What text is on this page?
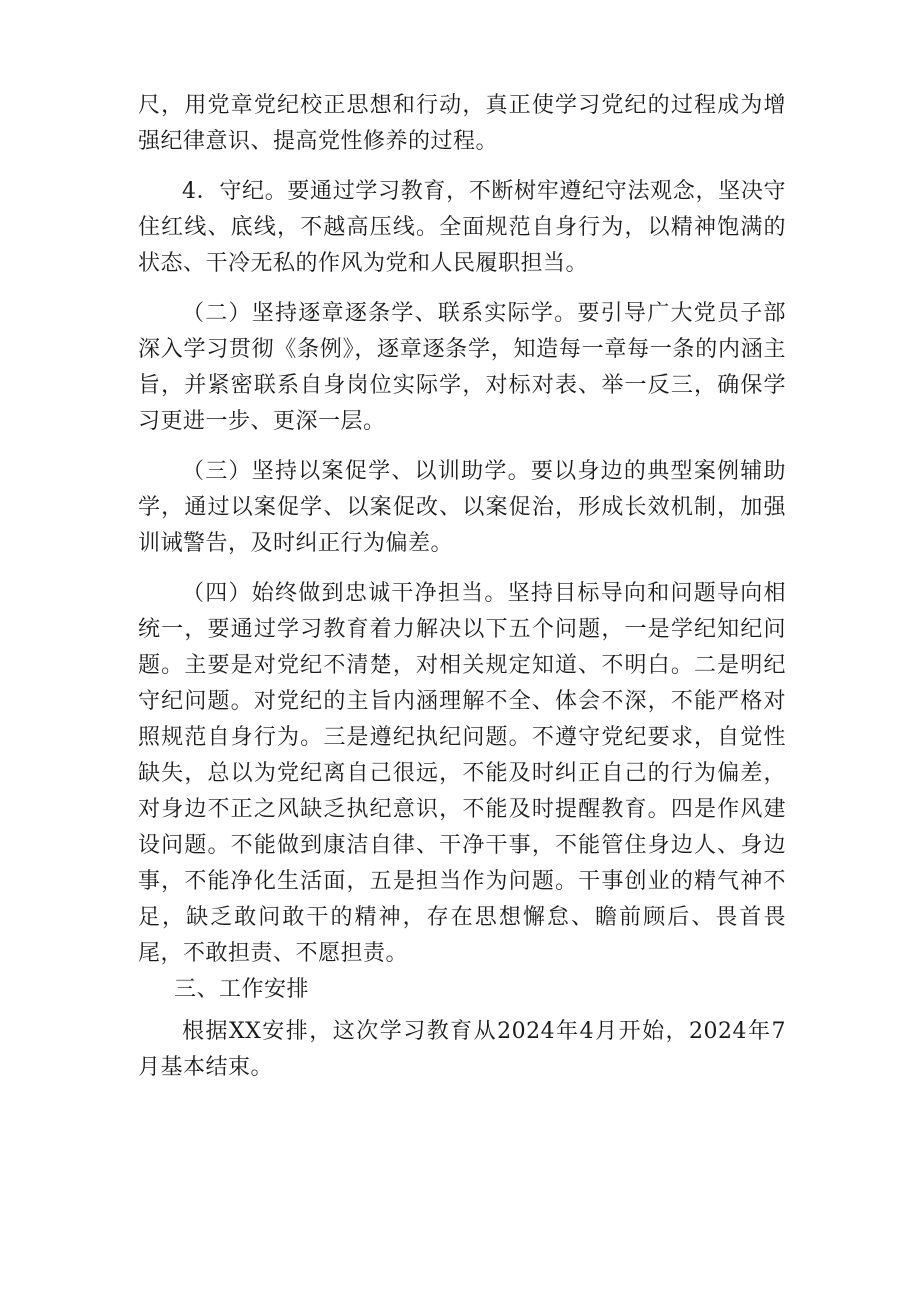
尺，用党章党纪校正思想和行动，真正使学习党纪的过程成为增强纪律意识、提高党性修养的过程。

4．守纪。要通过学习教育，不断树牢遵纪守法观念，坚决守住红线、底线，不越高压线。全面规范自身行为，以精神饱满的状态、干冷无私的作风为党和人民履职担当。

（二）坚持逐章逐条学、联系实际学。要引导广大党员子部深入学习贯彻《条例》，逐章逐条学，知造每一章每一条的内涵主旨，并紧密联系自身岗位实际学，对标对表、举一反三，确保学习更进一步、更深一层。

（三）坚持以案促学、以训助学。要以身边的典型案例辅助学，通过以案促学、以案促改、以案促治，形成长效机制，加强训诫警告，及时纠正行为偏差。

（四）始终做到忠诚干净担当。坚持目标导向和问题导向相统一，要通过学习教育着力解决以下五个问题，一是学纪知纪问题。主要是对党纪不清楚，对相关规定知道、不明白。二是明纪守纪问题。对党纪的主旨内涵理解不全、体会不深，不能严格对照规范自身行为。三是遵纪执纪问题。不遵守党纪要求，自觉性缺失，总以为党纪离自己很远，不能及时纠正自己的行为偏差，对身边不正之风缺乏执纪意识，不能及时提醒教育。四是作风建设问题。不能做到康洁自律、干净干事，不能管住身边人、身边事，不能净化生活面，五是担当作为问题。干事创业的精气神不足，缺乏敢问敢干的精神，存在思想懈怠、瞻前顾后、畏首畏尾，不敢担责、不愿担责。

三、工作安排

根据XX安排，这次学习教育从2024年4月开始，2024年7月基本结束。
